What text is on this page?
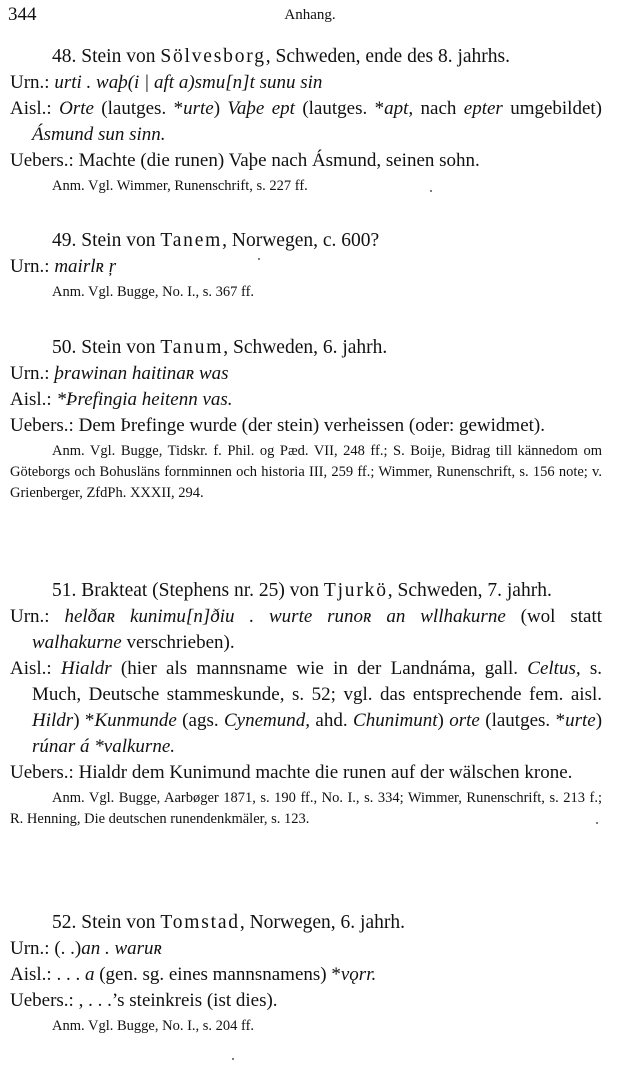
344	Anhang.
48. Stein von Sölvesborg, Schweden, ende des 8. jahrhs.
Urn.: urti . wаþ(i | аft a)smu[n]t sunu sin
Aisl.: Orte (lautges. *urte) Vaþe ept (lautges. *apt, nach epter umgebildet) Ásmund sun sinn.
Uebers.: Machte (die runen) Vaþe nach Ásmund, seinen sohn.
Anm. Vgl. Wimmer, Runenschrift, s. 227 ff.
49. Stein von Tanem, Norwegen, c. 600?
Urn.: mairlʀ ŗ
Anm. Vgl. Bugge, No. I., s. 367 ff.
50. Stein von Tanum, Schweden, 6. jahrh.
Urn.: þrawinan haitinaʀ was
Aisl.: *Þrefingia heitenn vas.
Uebers.: Dem Þrefinge wurde (der stein) verheissen (oder: gewidmet).
Anm. Vgl. Bugge, Tidskr. f. Phil. og Pæd. VII, 248 ff.; S. Boije, Bidrag till kännedom om Göteborgs och Bohusläns fornminnen och historia III, 259 ff.; Wimmer, Runenschrift, s. 156 note; v. Grienberger, ZfdPh. XXXII, 294.
51. Brakteat (Stephens nr. 25) von Tjurkö, Schweden, 7. jahrh.
Urn.: helðaʀ kunimu[n]ðiu . wurte runoʀ an wllhakurne (wol statt walhakurne verschrieben).
Aisl.: Hialdr (hier als mannsname wie in der Landnáma, gall. Celtus, s. Much, Deutsche stammeskunde, s. 52; vgl. das entsprechende fem. aisl. Hildr) *Kunmunde (ags. Cynemund, ahd. Chunimunt) orte (lautges. *urte) rúnar á *valkurne.
Uebers.: Hialdr dem Kunimund machte die runen auf der wälschen krone.
Anm. Vgl. Bugge, Aarbøger 1871, s. 190 ff., No. I., s. 334; Wimmer, Runenschrift, s. 213 f.; R. Henning, Die deutschen runendenkmäler, s. 123.
52. Stein von Tomstad, Norwegen, 6. jahrh.
Urn.: (. .)an . waruʀ
Aisl.: . . . a (gen. sg. eines mannsnamens) *vǫrr.
Uebers.: , . . .’s steinkreis (ist dies).
Anm. Vgl. Bugge, No. I., s. 204 ff.
